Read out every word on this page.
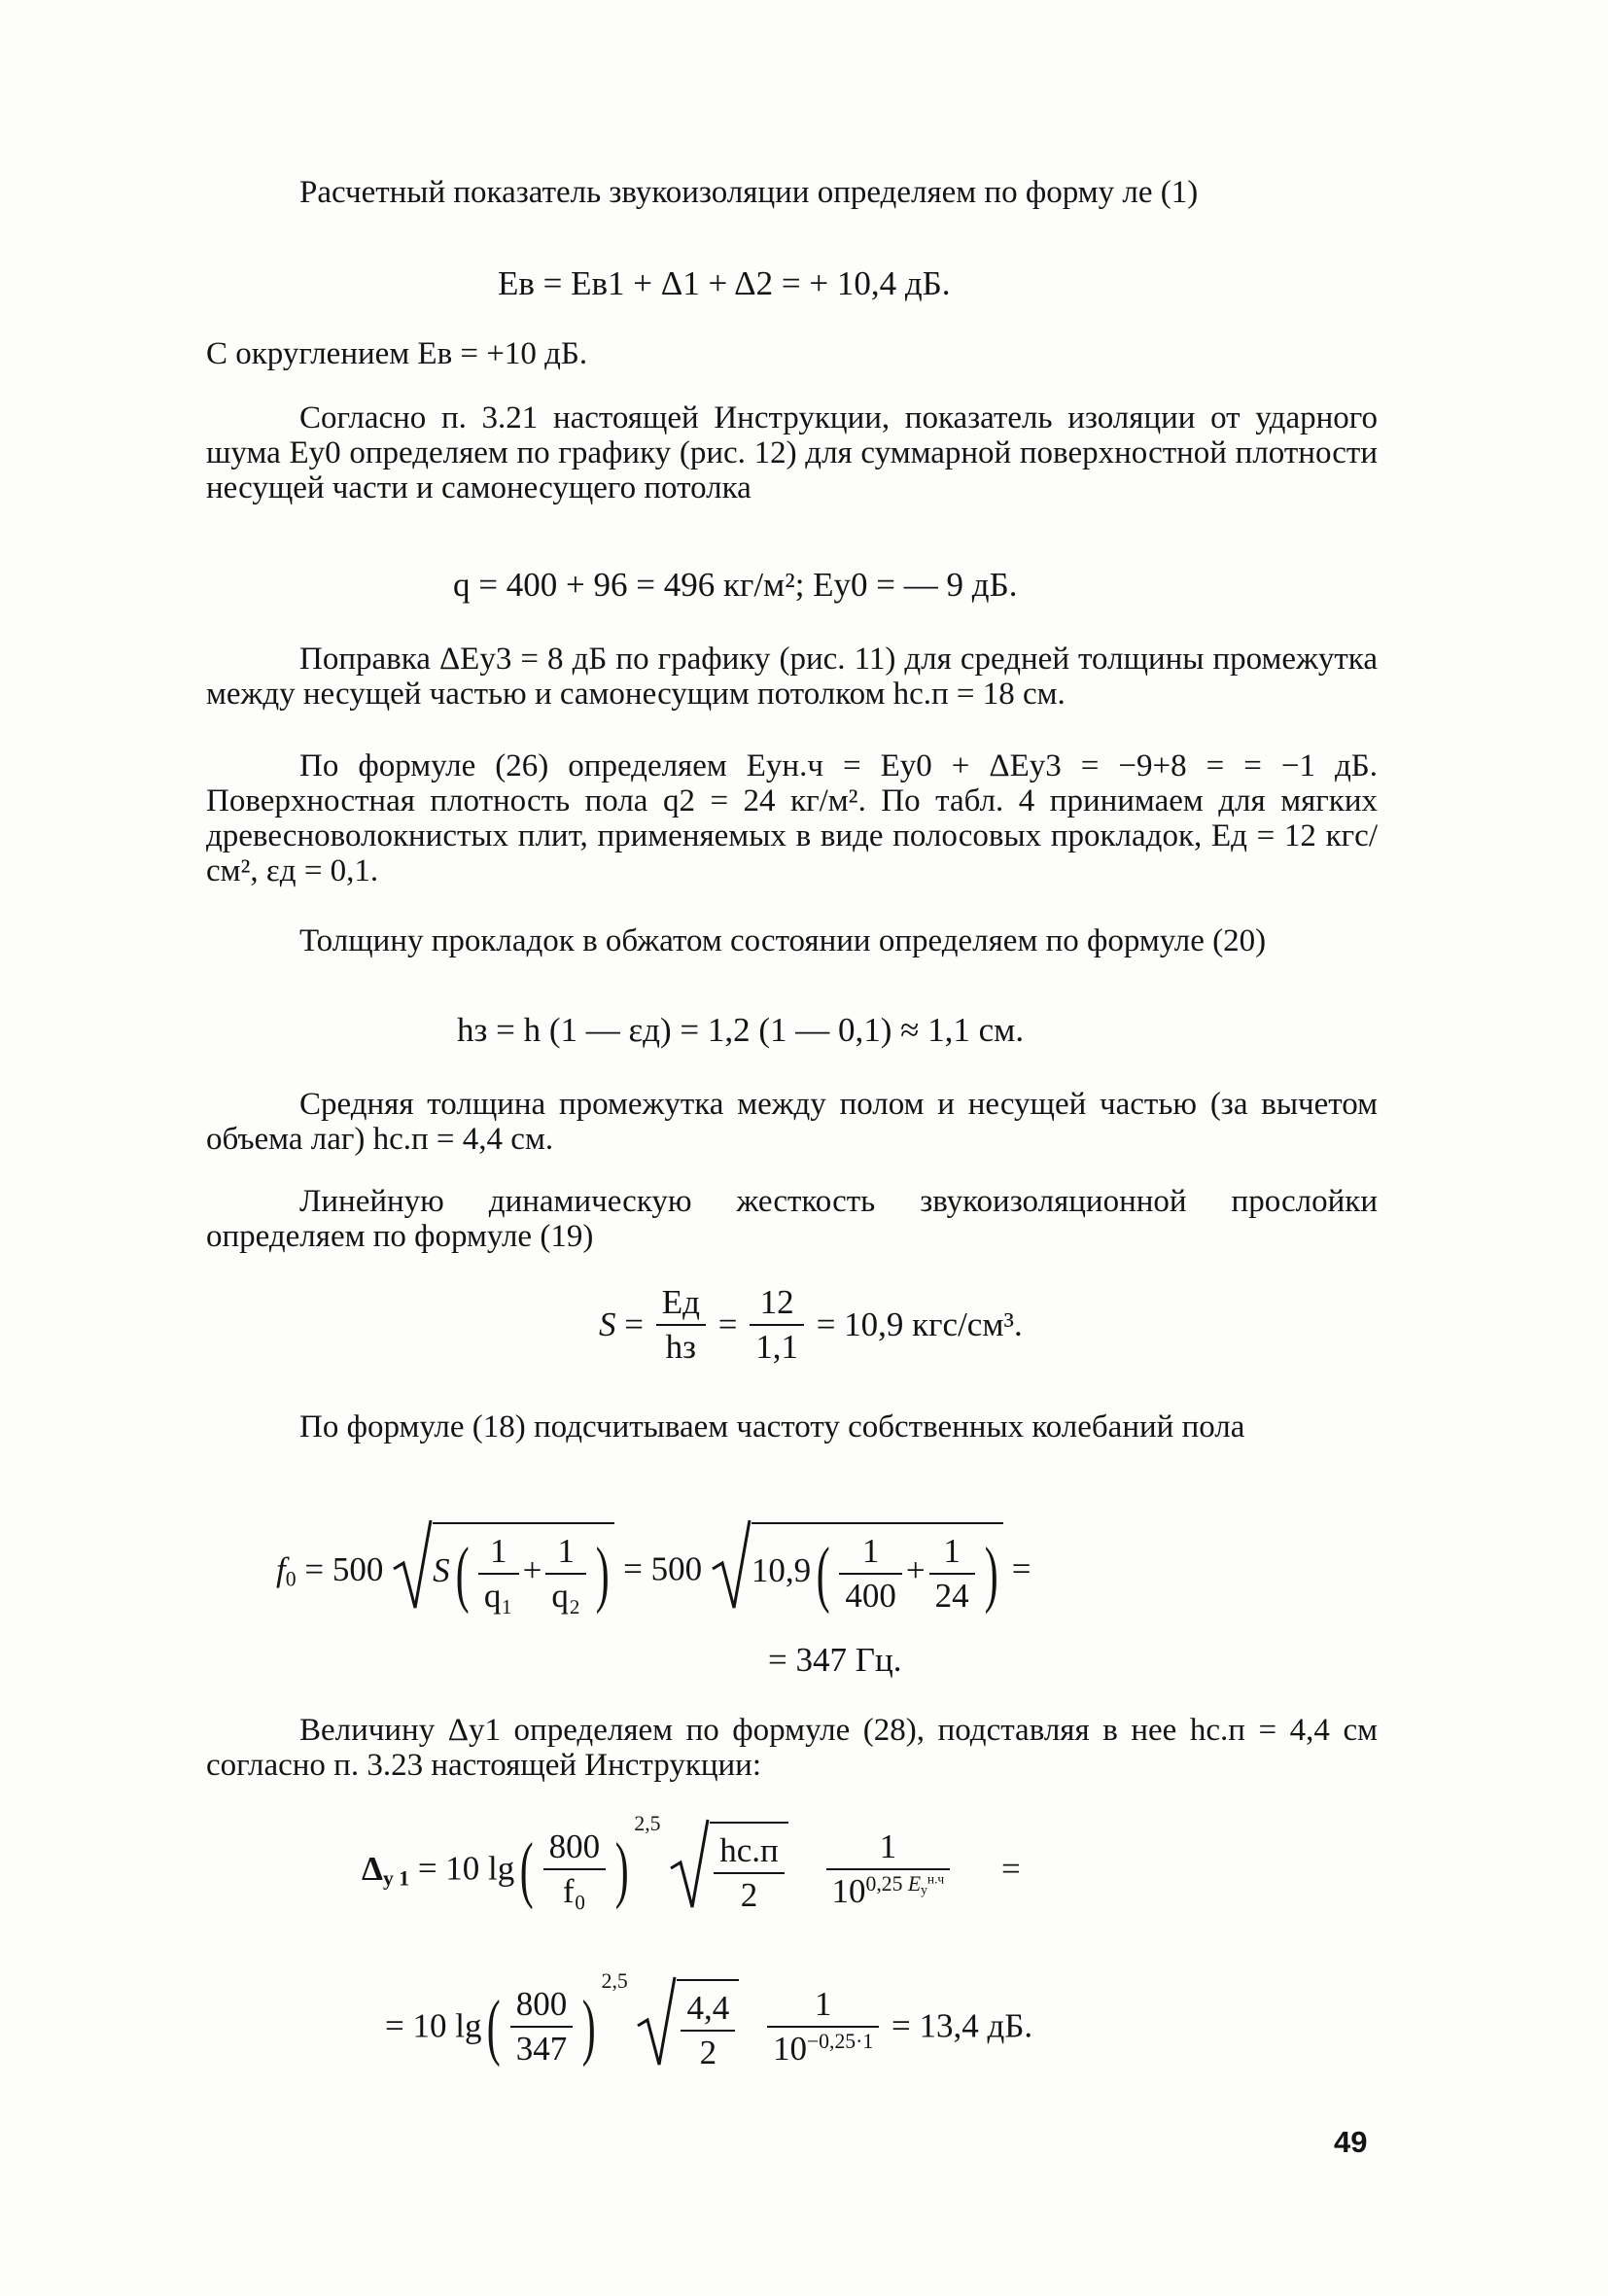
Расчетный показатель звукоизоляции определяем по форму ле (1)

Eв = Eв1 + Δ1 + Δ2 = + 10,4 дБ.

С округлением Eв = +10 дБ.

Согласно п. 3.21 настоящей Инструкции, показатель изоляции от ударного шума Eу0 определяем по графику (рис. 12) для суммарной поверхностной плотности несущей части и самонесущего потолка

q = 400 + 96 = 496 кг/м²; Eу0 = — 9 дБ.

Поправка ΔEу3 = 8 дБ по графику (рис. 11) для средней толщины промежутка между несущей частью и самонесущим потолком hс.п = 18 см.

По формуле (26) определяем Eун.ч = Eу0 + ΔEу3 = −9+8 = = −1 дБ. Поверхностная плотность пола q2 = 24 кг/м². По табл. 4 принимаем для мягких древесноволокнистых плит, применяемых в виде полосовых прокладок, Eд = 12 кгс/см², εд = 0,1.

Толщину прокладок в обжатом состоянии определяем по формуле (20)

hз = h (1 — εд) = 1,2 (1 — 0,1) ≈ 1,1 см.

Средняя толщина промежутка между полом и несущей частью (за вычетом объема лаг) hс.п = 4,4 см.

Линейную динамическую жесткость звукоизоляционной прослойки определяем по формуле (19)

$S = \frac{Eд}{hз} = \frac{12}{1,1} = 10,9$ кгс/см³.

По формуле (18) подсчитываем частоту собственных колебаний пола

$f_0 = 500$ $S( \frac{1}{\text{q₁}} + \frac{1}{\text{q₂}}$ ) = 500 $10,9( \frac{1}{400} + \frac{1}{24}$ ) =
= 347 Гц.

Величину Δу1 определяем по формуле (28), подставляя в нее hс.п = 4,4 см согласно п. 3.23 настоящей Инструкции:

$\Delta_{у 1} = 10$ $\lg( \frac{800}{\text{f₀}} )^{2,5}$
$\frac{hс.п}{2}$
$\frac{1}{10^{0,25 E_у^{н.ч}}}$ =
= 10 $\lg( \frac{800}{347} )^{2,5}$
$\frac{4,4}{2}$
$\frac{1}{10^{-0,25\cdot 1}} = 13,4$ дБ.
49
